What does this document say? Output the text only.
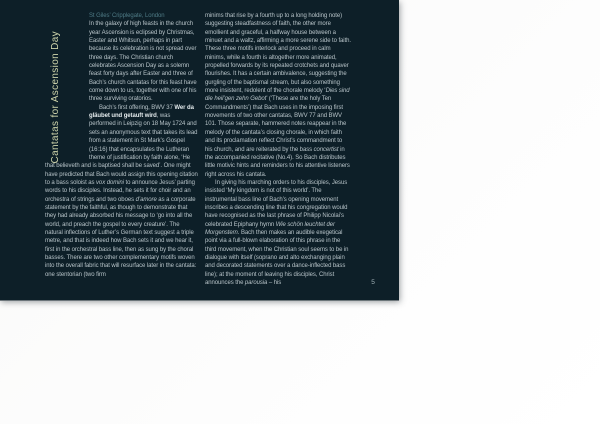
Cantatas for Ascension Day
St Giles’ Cripplegate, London

In the galaxy of high feasts in the church year Ascension is eclipsed by Christmas, Easter and Whitsun, perhaps in part because its celebration is not spread over three days. The Christian church celebrates Ascension Day as a solemn feast forty days after Easter and three of Bach’s church cantatas for this feast have come down to us, together with one of his three surviving oratorios.

Bach’s first offering, BWV 37 Wer da gläubet und getauft wird, was performed in Leipzig on 18 May 1724 and sets an anonymous text that takes its lead from a statement in St Mark’s Gospel (16:16) that encapsulates the Lutheran theme of justification by faith alone, ‘He that believeth and is baptised shall be saved’. One might have predicted that Bach would assign this opening citation to a bass soloist as vox domini to announce Jesus’ parting words to his disciples. Instead, he sets it for choir and an orchestra of strings and two oboes d’amore as a corporate statement by the faithful, as though to demonstrate that they had already absorbed his message to ‘go into all the world, and preach the gospel to every creature’. The natural inflections of Luther’s German text suggest a triple metre, and that is indeed how Bach sets it and we hear it, first in the orchestral bass line, then as sung by the choral basses. There are two other complementary motifs woven into the overall fabric that will resurface later in the cantata: one stentorian (two firm

minims that rise by a fourth up to a long holding note) suggesting steadfastness of faith, the other more emollient and graceful, a halfway house between a minuet and a waltz, affirming a more serene side to faith. These three motifs interlock and proceed in calm minims, while a fourth is altogether more animated, propelled forwards by its repeated crotchets and quaver flourishes. It has a certain ambivalence, suggesting the gurgling of the baptismal stream, but also something more insistent, redolent of the chorale melody ‘Dies sind die heil’gen zehn Gebot’ (‘These are the holy Ten Commandments’) that Bach uses in the imposing first movements of two other cantatas, BWV 77 and BWV 101. Those separate, hammered notes reappear in the melody of the cantata’s closing chorale, in which faith and its proclamation reflect Christ’s commandment to his church, and are reiterated by the bass concertist in the accompanied recitative (No.4). So Bach distributes little motivic hints and reminders to his attentive listeners right across his cantata.

In giving his marching orders to his disciples, Jesus insisted ‘My kingdom is not of this world’. The instrumental bass line of Bach’s opening movement inscribes a descending line that his congregation would have recognised as the last phrase of Philipp Nicolai’s celebrated Epiphany hymn Wie schön leuchtet der Morgenstern. Bach then makes an audible exegetical point via a full-blown elaboration of this phrase in the third movement, when the Christian soul seems to be in dialogue with itself (soprano and alto exchanging plain and decorated statements over a dance-inflected bass line); at the moment of leaving his disciples, Christ announces the parousia – his	5
